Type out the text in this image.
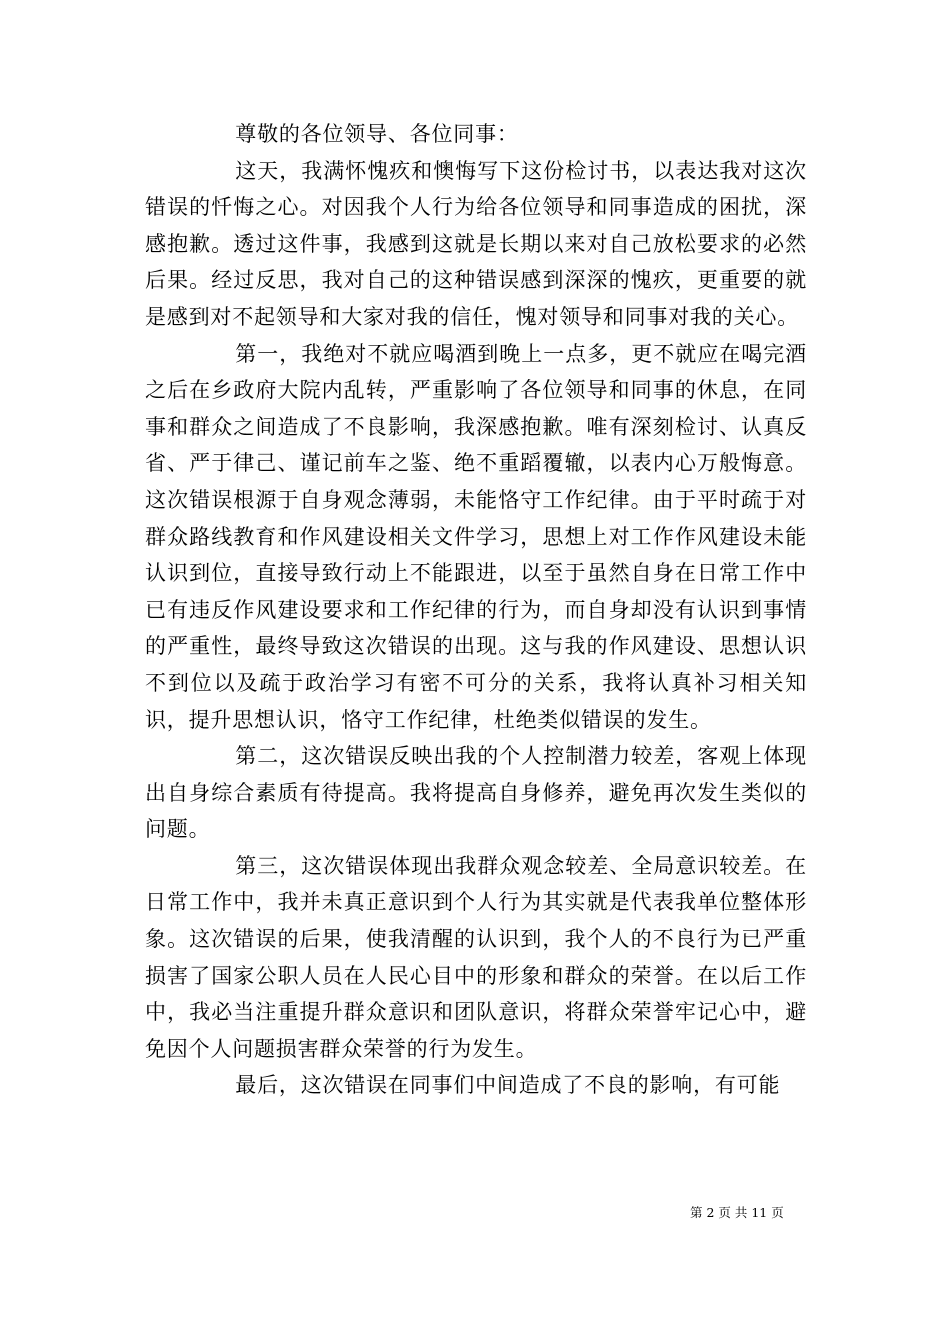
尊敬的各位领导、各位同事：

这天，我满怀愧疚和懊悔写下这份检讨书，以表达我对这次错误的忏悔之心。对因我个人行为给各位领导和同事造成的困扰，深感抱歉。透过这件事，我感到这就是长期以来对自己放松要求的必然后果。经过反思，我对自己的这种错误感到深深的愧疚，更重要的就是感到对不起领导和大家对我的信任，愧对领导和同事对我的关心。

第一，我绝对不就应喝酒到晚上一点多，更不就应在喝完酒之后在乡政府大院内乱转，严重影响了各位领导和同事的休息，在同事和群众之间造成了不良影响，我深感抱歉。唯有深刻检讨、认真反省、严于律己、谨记前车之鉴、绝不重蹈覆辙，以表内心万般悔意。这次错误根源于自身观念薄弱，未能恪守工作纪律。由于平时疏于对群众路线教育和作风建设相关文件学习，思想上对工作作风建设未能认识到位，直接导致行动上不能跟进，以至于虽然自身在日常工作中已有违反作风建设要求和工作纪律的行为，而自身却没有认识到事情的严重性，最终导致这次错误的出现。这与我的作风建设、思想认识不到位以及疏于政治学习有密不可分的关系，我将认真补习相关知识，提升思想认识，恪守工作纪律，杜绝类似错误的发生。

第二，这次错误反映出我的个人控制潜力较差，客观上体现出自身综合素质有待提高。我将提高自身修养，避免再次发生类似的问题。

第三，这次错误体现出我群众观念较差、全局意识较差。在日常工作中，我并未真正意识到个人行为其实就是代表我单位整体形象。这次错误的后果，使我清醒的认识到，我个人的不良行为已严重损害了国家公职人员在人民心目中的形象和群众的荣誉。在以后工作中，我必当注重提升群众意识和团队意识，将群众荣誉牢记心中，避免因个人问题损害群众荣誉的行为发生。

最后，这次错误在同事们中间造成了不良的影响，有可能

第 2 页 共 11 页
